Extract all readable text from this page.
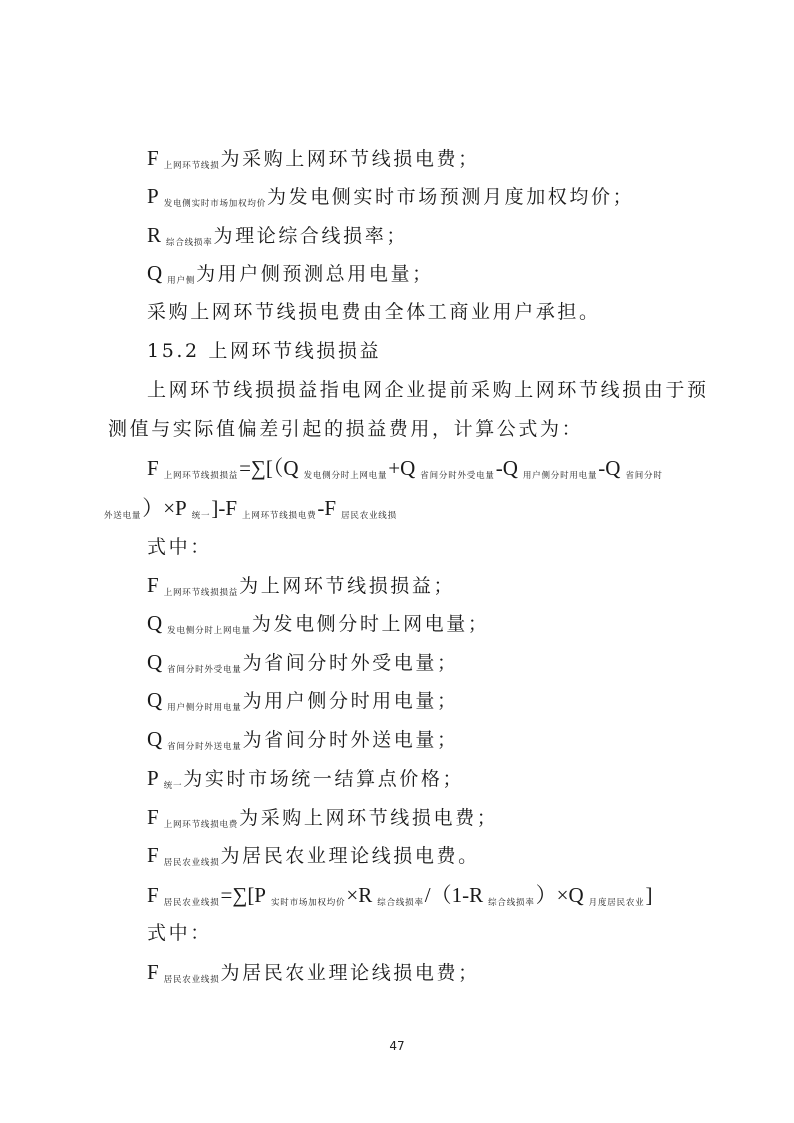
F $_{上网环节线损}$为采购上网环节线损电费；
P $_{发电侧实时市场加权均价}$为发电侧实时市场预测月度加权均价；
R $_{综合线损率}$为理论综合线损率；
Q $_{用户侧}$为用户侧预测总用电量；
采购上网环节线损电费由全体工商业用户承担。
15.2 上网环节线损损益
上网环节线损损益指电网企业提前采购上网环节线损由于预
测值与实际值偏差引起的损益费用，计算公式为：
F $_{上网环节线损损益}$=∑[（Q $_{发电侧分时上网电量}$+Q $_{省间分时外受电量}$-Q $_{用户侧分时用电量}$-Q $_{省间分时}$
$_{外送电量}$）×P $_{统一}$]-F $_{上网环节线损电费}$-F $_{居民农业线损}$
式中：
F $_{上网环节线损损益}$为上网环节线损损益；
Q $_{发电侧分时上网电量}$为发电侧分时上网电量；
Q $_{省间分时外受电量}$为省间分时外受电量；
Q $_{用户侧分时用电量}$为用户侧分时用电量；
Q $_{省间分时外送电量}$为省间分时外送电量；
P $_{统一}$为实时市场统一结算点价格；
F $_{上网环节线损电费}$为采购上网环节线损电费；
F $_{居民农业线损}$为居民农业理论线损电费。
F $_{居民农业线损}$=∑[P $_{实时市场加权均价}$×R $_{综合线损率}$/（1-R $_{综合线损率}$）×Q $_{月度居民农业}$]
式中：
F $_{居民农业线损}$为居民农业理论线损电费；
47
